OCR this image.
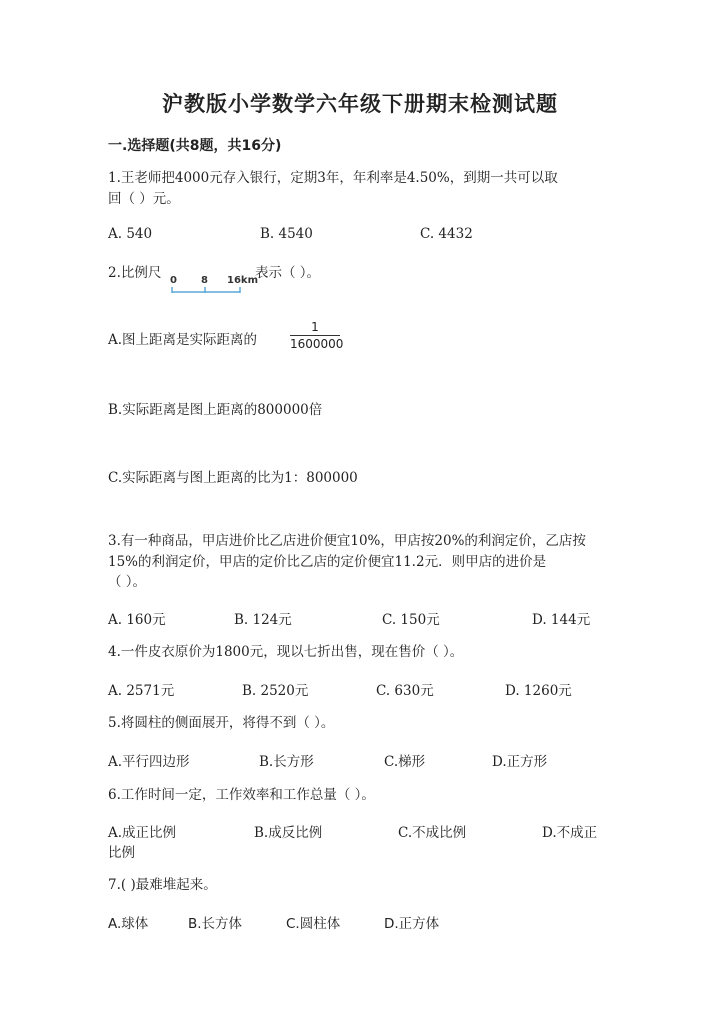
沪教版小学数学六年级下册期末检测试题
一.选择题(共8题，共16分)
1.王老师把4000元存入银行，定期3年，年利率是4.50%，到期一共可以取
回（ ）元。
A. 540	B. 4540	C. 4432
2.比例尺 0 8 16km
表示（ ）。
A.图上距离是实际距离的
1
1600000
B.实际距离是图上距离的800000倍
C.实际距离与图上距离的比为1：800000
3.有一种商品，甲店进价比乙店进价便宜10%，甲店按20%的利润定价，乙店按
15%的利润定价，甲店的定价比乙店的定价便宜11.2元．则甲店的进价是
（ ）。
A. 160元	B. 124元	C. 150元	D. 144元
4.一件皮衣原价为1800元，现以七折出售，现在售价（ ）。
A. 2571元	B. 2520元	C. 630元	D. 1260元
5.将圆柱的侧面展开，将得不到（ ）。
A.平行四边形	B.长方形	C.梯形	D.正方形
6.工作时间一定，工作效率和工作总量（ ）。
A.成正比例	B.成反比例	C.不成比例	D.不成正
比例
7.( )最难堆起来。
A.球体	B.长方体	C.圆柱体	D.正方体
